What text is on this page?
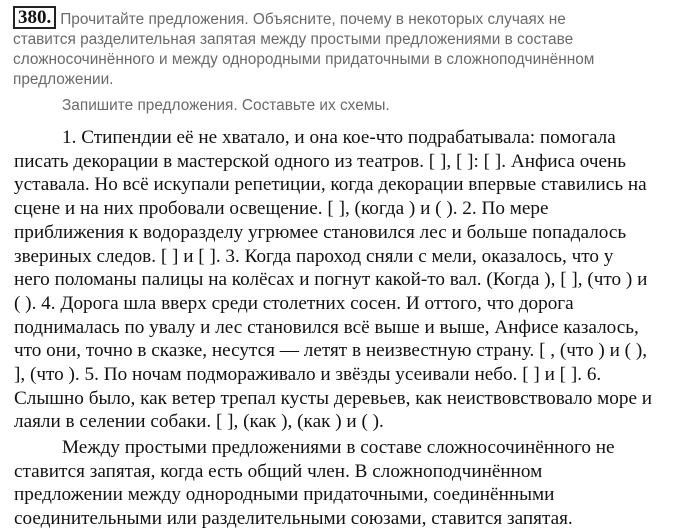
380. Прочитайте предложения. Объясните, почему в некоторых случаях не
ставится разделительная запятая между простыми предложениями в составе
сложносочинённого и между однородными придаточными в сложноподчинённом
предложении.
Запишите предложения. Составьте их схемы.

1. Стипендии её не хватало, и она кое-что подрабатывала: помогала
писать декорации в мастерской одного из театров. [ ], [ ]: [ ]. Анфиса очень
уставала. Но всё искупали репетиции, когда декорации впервые ставились на
сцене и на них пробовали освещение. [ ], (когда ) и ( ). 2. По мере
приближения к водоразделу угрюмее становился лес и больше попадалось
звериных следов. [ ] и [ ]. 3. Когда пароход сняли с мели, оказалось, что у
него поломаны палицы на колёсах и погнут какой-то вал. (Когда ), [ ], (что ) и
( ). 4. Дорога шла вверх среди столетних сосен. И оттого, что дорога
поднималась по увалу и лес становился всё выше и выше, Анфисе казалось,
что они, точно в сказке, несутся — летят в неизвестную страну. [ , (что ) и ( ),
], (что ). 5. По ночам подмораживало и звёзды усеивали небо. [ ] и [ ]. 6.
Слышно было, как ветер трепал кусты деревьев, как неиствовствовало море и
лаяли в селении собаки. [ ], (как ), (как ) и ( ).

Между простыми предложениями в составе сложносочинённого не
ставится запятая, когда есть общий член. В сложноподчинённом
предложении между однородными придаточными, соединёнными
соединительными или разделительными союзами, ставится запятая.
